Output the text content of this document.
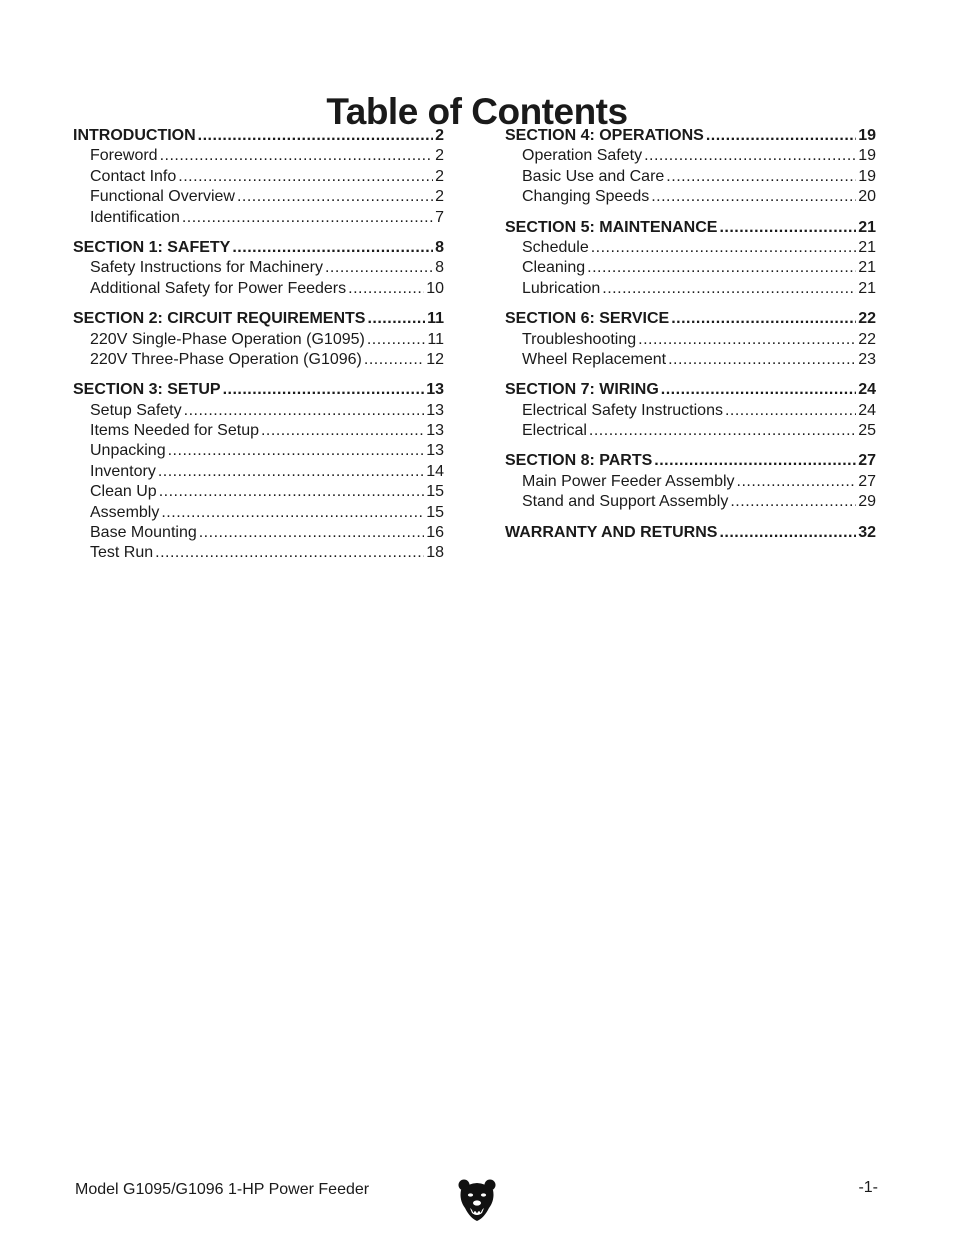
Table of Contents
INTRODUCTION .....	2
Foreword .....	2
Contact Info .....	2
Functional Overview .....	2
Identification .....	7
SECTION 1: SAFETY .....	8
Safety Instructions for Machinery .....	8
Additional Safety for Power Feeders .....	10
SECTION 2: CIRCUIT REQUIREMENTS .....	11
220V Single-Phase Operation (G1095) .....	11
220V Three-Phase Operation (G1096) .....	12
SECTION 3: SETUP .....	13
Setup Safety .....	13
Items Needed for Setup .....	13
Unpacking .....	13
Inventory .....	14
Clean Up .....	15
Assembly .....	15
Base Mounting .....	16
Test Run .....	18
SECTION 4: OPERATIONS .....	19
Operation Safety .....	19
Basic Use and Care .....	19
Changing Speeds .....	20
SECTION 5: MAINTENANCE .....	21
Schedule .....	21
Cleaning .....	21
Lubrication .....	21
SECTION 6: SERVICE .....	22
Troubleshooting .....	22
Wheel Replacement .....	23
SECTION 7: WIRING .....	24
Electrical Safety Instructions .....	24
Electrical .....	25
SECTION 8: PARTS .....	27
Main Power Feeder Assembly .....	27
Stand and Support Assembly .....	29
WARRANTY AND RETURNS .....	32
Model G1095/G1096 1-HP Power Feeder	-1-
